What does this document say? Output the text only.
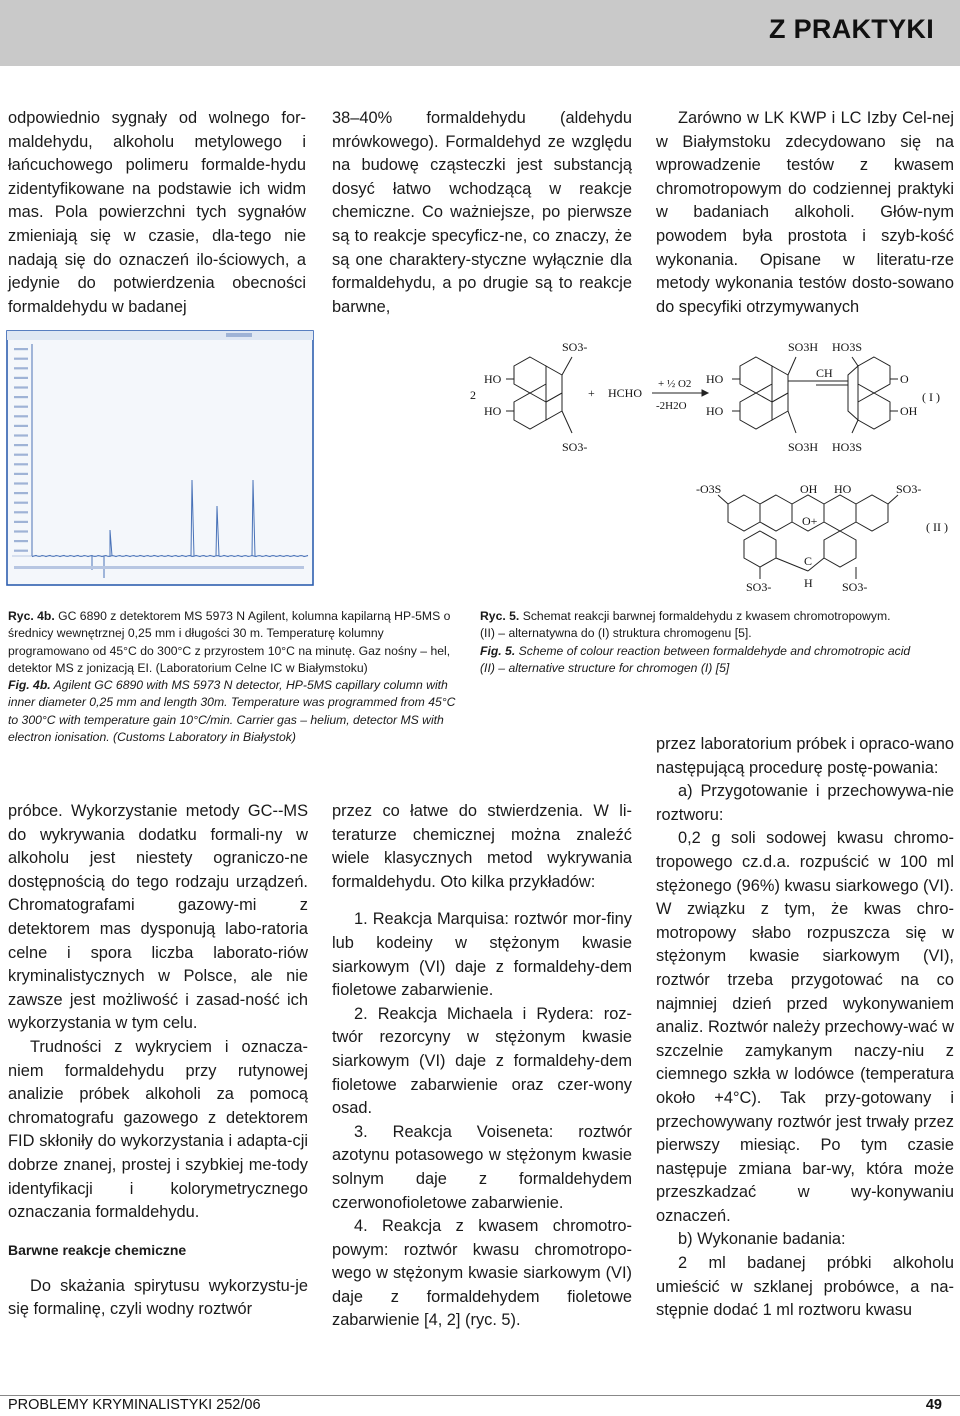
Z PRAKTYKI

odpowiednio sygnały od wolnego for-maldehydu, alkoholu metylowego i łańcuchowego polimeru formalde-hydu zidentyfikowane na podstawie ich widm mas. Pola powierzchni tych sygnałów zmieniają się w czasie, dla-tego nie nadają się do oznaczeń ilo-ściowych, a jedynie do potwierdzenia obecności formaldehydu w badanej

38–40% formaldehydu (aldehydu mrówkowego). Formaldehyd ze względu na budowę cząsteczki jest substancją dosyć łatwo wchodzącą w reakcje chemiczne. Co ważniejsze, po pierwsze są to reakcje specyficz-ne, co znaczy, że są one charaktery-styczne wyłącznie dla formaldehydu, a po drugie są to reakcje barwne,

Zarówno w LK KWP i LC Izby Cel-nej w Białymstoku zdecydowano się na wprowadzenie testów z kwasem chromotropowym do codziennej praktyki w badaniach alkoholi. Głów-nym powodem była prostota i szyb-kość wykonania. Opisane w literatu-rze metody wykonania testów dosto-sowano do specyfiki otrzymywanych

SO3-
SO3-
HO
HO
2	+ HCHO
+ ½ O2
-2H2O
SO3H HO3S
SO3H HO3S
HO
HO
CH	O
OH
( I )
-O3S	OH HO	SO3-
O+
C
H
SO3-	SO3-
( II )
Ryc. 4b. GC 6890 z detektorem MS 5973 N Agilent, kolumna kapilarną HP-5MS o średnicy wewnętrznej 0,25 mm i długości 30 m. Temperaturę kolumny programowano od 45°C do 300°C z przyrostem 10°C na minutę. Gaz nośny – hel, detektor MS z jonizacją EI. (Laboratorium Celne IC w Białymstoku)
Fig. 4b. Agilent GC 6890 with MS 5973 N detector, HP-5MS capillary column with inner diameter 0,25 mm and length 30m. Temperature was programmed from 45°C to 300°C with temperature gain 10°C/min. Carrier gas – helium, detector MS with electron ionisation. (Customs Laboratory in Białystok)
Ryc. 5. Schemat reakcji barwnej formaldehydu z kwasem chromotropowym.
(II) – alternatywna do (I) struktura chromogenu [5].
Fig. 5. Scheme of colour reaction between formaldehyde and chromotropic acid
(II) – alternative structure for chromogen (I) [5]

próbce. Wykorzystanie metody GC--MS do wykrywania dodatku formali-ny w alkoholu jest niestety ograniczo-ne dostępnością do tego rodzaju urządzeń. Chromatografami gazowy-mi z detektorem mas dysponują labo-ratoria celne i spora liczba laborato-riów kryminalistycznych w Polsce, ale nie zawsze jest możliwość i zasad-ność ich wykorzystania w tym celu.

Trudności z wykryciem i oznacza-niem formaldehydu przy rutynowej analizie próbek alkoholi za pomocą chromatografu gazowego z detektorem FID skłoniły do wykorzystania i adapta-cji dobrze znanej, prostej i szybkiej me-tody identyfikacji i kolorymetrycznego oznaczania formaldehydu.

Barwne reakcje chemiczne

Do skażania spirytusu wykorzystu-je się formalinę, czyli wodny roztwór

przez co łatwe do stwierdzenia. W li-teraturze chemicznej można znaleźć wiele klasycznych metod wykrywania formaldehydu. Oto kilka przykładów:

1. Reakcja Marquisa: roztwór mor-finy lub kodeiny w stężonym kwasie siarkowym (VI) daje z formaldehy-dem fioletowe zabarwienie.

2. Reakcja Michaela i Rydera: roz-twór rezorcyny w stężonym kwasie siarkowym (VI) daje z formaldehy-dem fioletowe zabarwienie oraz czer-wony osad.

3. Reakcja Voiseneta: roztwór azotynu potasowego w stężonym kwasie solnym daje z formaldehydem czerwonofioletowe zabarwienie.

4. Reakcja z kwasem chromotro-powym: roztwór kwasu chromotropo-wego w stężonym kwasie siarkowym (VI) daje z formaldehydem fioletowe zabarwienie [4, 2] (ryc. 5).

przez laboratorium próbek i opraco-wano następującą procedurę postę-powania:

a) Przygotowanie i przechowywa-nie roztworu:

0,2 g soli sodowej kwasu chromo-tropowego cz.d.a. rozpuścić w 100 ml stężonego (96%) kwasu siarkowego (VI). W związku z tym, że kwas chro-motropowy słabo rozpuszcza się w stężonym kwasie siarkowym (VI), roztwór trzeba przygotować na co najmniej dzień przed wykonywaniem analiz. Roztwór należy przechowy-wać w szczelnie zamykanym naczy-niu z ciemnego szkła w lodówce (temperatura około +4°C). Tak przy-gotowany i przechowywany roztwór jest trwały przez pierwszy miesiąc. Po tym czasie następuje zmiana bar-wy, która może przeszkadzać w wy-konywaniu oznaczeń.

b) Wykonanie badania:

2 ml badanej próbki alkoholu umieścić w szklanej probówce, a na-stępnie dodać 1 ml roztworu kwasu

PROBLEMY KRYMINALISTYKI 252/06	49
